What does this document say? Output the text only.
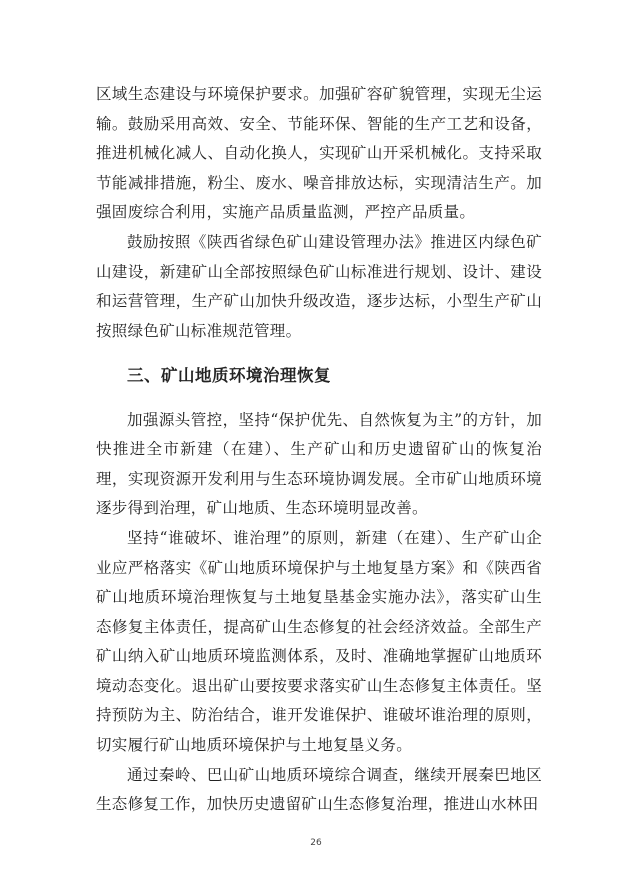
区域生态建设与环境保护要求。加强矿容矿貌管理，实现无尘运输。鼓励采用高效、安全、节能环保、智能的生产工艺和设备，推进机械化减人、自动化换人，实现矿山开采机械化。支持采取节能减排措施，粉尘、废水、噪音排放达标，实现清洁生产。加强固废综合利用，实施产品质量监测，严控产品质量。

鼓励按照《陕西省绿色矿山建设管理办法》推进区内绿色矿山建设，新建矿山全部按照绿色矿山标准进行规划、设计、建设和运营管理，生产矿山加快升级改造，逐步达标，小型生产矿山按照绿色矿山标准规范管理。

三、矿山地质环境治理恢复

加强源头管控，坚持“保护优先、自然恢复为主”的方针，加快推进全市新建（在建）、生产矿山和历史遗留矿山的恢复治理，实现资源开发利用与生态环境协调发展。全市矿山地质环境逐步得到治理，矿山地质、生态环境明显改善。

坚持“谁破坏、谁治理”的原则，新建（在建）、生产矿山企业应严格落实《矿山地质环境保护与土地复垦方案》和《陕西省矿山地质环境治理恢复与土地复垦基金实施办法》，落实矿山生态修复主体责任，提高矿山生态修复的社会经济效益。全部生产矿山纳入矿山地质环境监测体系，及时、准确地掌握矿山地质环境动态变化。退出矿山要按要求落实矿山生态修复主体责任。坚持预防为主、防治结合，谁开发谁保护、谁破坏谁治理的原则，切实履行矿山地质环境保护与土地复垦义务。

通过秦岭、巴山矿山地质环境综合调查，继续开展秦巴地区生态修复工作，加快历史遗留矿山生态修复治理，推进山水林田

26
